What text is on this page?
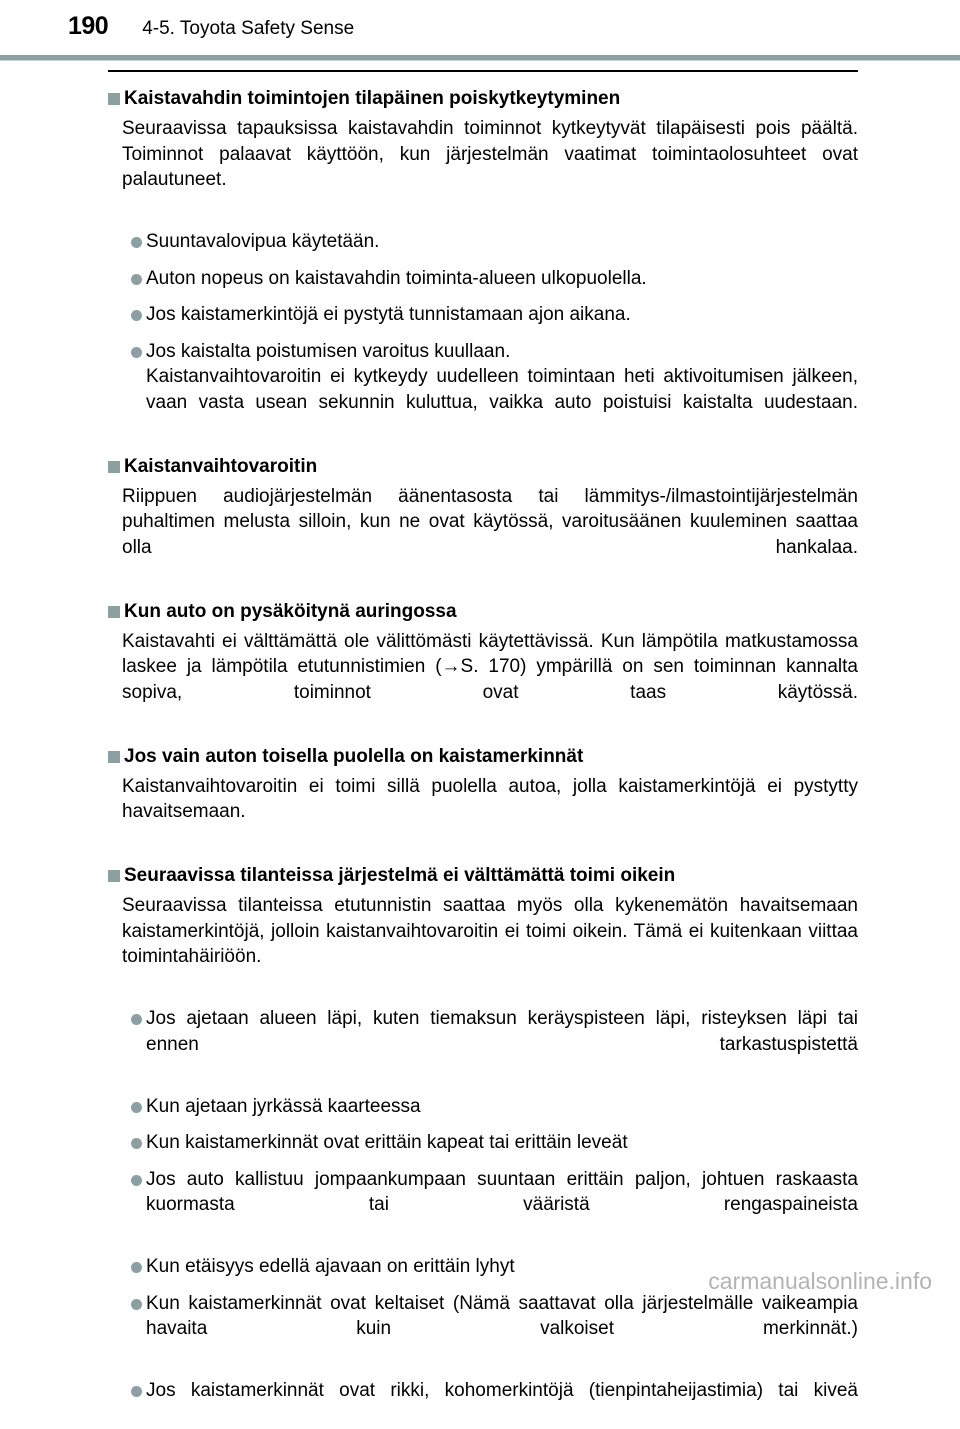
190 4-5. Toyota Safety Sense
Kaistavahdin toimintojen tilapäinen poiskytkeytyminen
Seuraavissa tapauksissa kaistavahdin toiminnot kytkeytyvät tilapäisesti pois päältä. Toiminnot palaavat käyttöön, kun järjestelmän vaatimat toimintaolosuhteet ovat palautuneet.
Suuntavalovipua käytetään.
Auton nopeus on kaistavahdin toiminta-alueen ulkopuolella.
Jos kaistamerkintöjä ei pystytä tunnistamaan ajon aikana.
Jos kaistalta poistumisen varoitus kuullaan.
Kaistanvaihtovaroitin ei kytkeydy uudelleen toimintaan heti aktivoitumisen jälkeen, vaan vasta usean sekunnin kuluttua, vaikka auto poistuisi kaistalta uudestaan.
Kaistanvaihtovaroitin
Riippuen audiojärjestelmän äänentasosta tai lämmitys-/ilmastointijärjestelmän puhaltimen melusta silloin, kun ne ovat käytössä, varoitusäänen kuuleminen saattaa olla hankalaa.
Kun auto on pysäköitynä auringossa
Kaistavahti ei välttämättä ole välittömästi käytettävissä. Kun lämpötila matkustamossa laskee ja lämpötila etutunnistimien (→S. 170) ympärillä on sen toiminnan kannalta sopiva, toiminnot ovat taas käytössä.
Jos vain auton toisella puolella on kaistamerkinnät
Kaistanvaihtovaroitin ei toimi sillä puolella autoa, jolla kaistamerkintöjä ei pystytty havaitsemaan.
Seuraavissa tilanteissa järjestelmä ei välttämättä toimi oikein
Seuraavissa tilanteissa etutunnistin saattaa myös olla kykenemätön havaitsemaan kaistamerkintöjä, jolloin kaistanvaihtovaroitin ei toimi oikein. Tämä ei kuitenkaan viittaa toimintahäiriöön.
Jos ajetaan alueen läpi, kuten tiemaksun keräyspisteen läpi, risteyksen läpi tai ennen tarkastuspistettä
Kun ajetaan jyrkässä kaarteessa
Kun kaistamerkinnät ovat erittäin kapeat tai erittäin leveät
Jos auto kallistuu jompaankumpaan suuntaan erittäin paljon, johtuen raskaasta kuormasta tai vääristä rengaspaineista
Kun etäisyys edellä ajavaan on erittäin lyhyt
Kun kaistamerkinnät ovat keltaiset (Nämä saattavat olla järjestelmälle vaikeampia havaita kuin valkoiset merkinnät.)
Jos kaistamerkinnät ovat rikki, kohomerkintöjä (tienpintaheijastimia) tai kiveä
carmanualsonline.info
